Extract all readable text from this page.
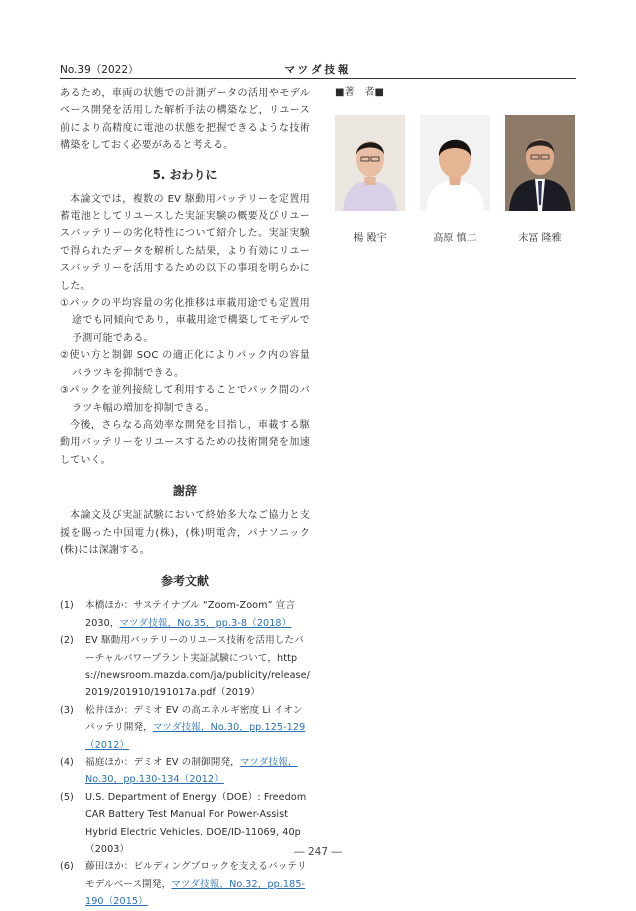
No.39（2022）	マツダ技報

あるため，車両の状態での計測データの活用やモデルベース開発を活用した解析手法の構築など，リユース前により高精度に電池の状態を把握できるような技術構築をしておく必要があると考える。

5. おわりに

本論文では，複数の EV 駆動用バッテリーを定置用蓄電池としてリユースした実証実験の概要及びリユースバッテリーの劣化特性について紹介した。実証実験で得られたデータを解析した結果，より有効にリユースバッテリーを活用するための以下の事項を明らかにした。

①パックの平均容量の劣化推移は車載用途でも定置用途でも同傾向であり，車載用途で構築してモデルで予測可能である。
②使い方と制御 SOC の適正化によりパック内の容量バラツキを抑制できる。
③パックを並列接続して利用することでパック間のバラツキ幅の増加を抑制できる。

今後，さらなる高効率な開発を目指し，車載する駆動用バッテリーをリユースするための技術開発を加速していく。

謝辞

本論文及び実証試験において終始多大なご協力と支援を賜った中国電力(株)，(株)明電舎，パナソニック(株)には深謝する。

参考文献
(1) 本橋ほか：サステイナブル “Zoom-Zoom” 宣言 2030，マツダ技報，No.35，pp.3-8（2018）
(2) EV 駆動用バッテリーのリユース技術を活用したバーチャルパワープラント実証試験について，https://newsroom.mazda.com/ja/publicity/release/2019/201910/191017a.pdf（2019）
(3) 松井ほか：デミオ EV の高エネルギ密度 Li イオンバッテリ開発，マツダ技報，No.30，pp.125-129（2012）
(4) 福庭ほか：デミオ EV の制御開発，マツダ技報，No.30，pp.130-134（2012）
(5) U.S. Department of Energy（DOE）: Freedom CAR Battery Test Manual For Power-Assist Hybrid Electric Vehicles. DOE/ID-11069, 40p（2003）
(6) 藤田ほか：ビルディングブロックを支えるバッテリモデルベース開発，マツダ技報，No.32，pp.185-190（2015）
■著　者■
楊 殿宇	高原 慎二	末冨 隆雅
― 247 ―
